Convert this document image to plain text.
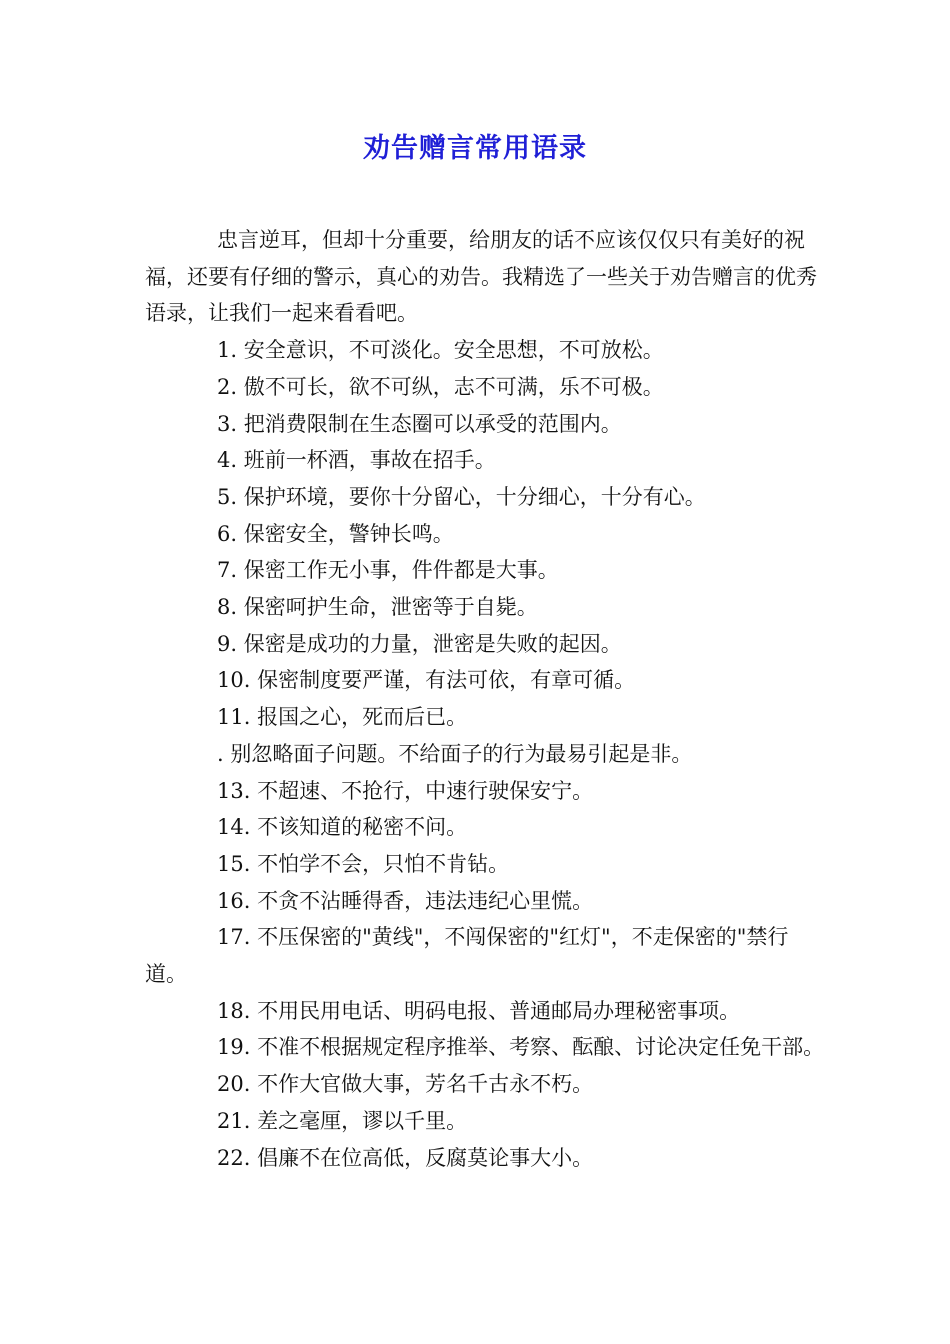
劝告赠言常用语录

忠言逆耳，但却十分重要，给朋友的话不应该仅仅只有美好的祝福，还要有仔细的警示，真心的劝告。我精选了一些关于劝告赠言的优秀语录，让我们一起来看看吧。

1. 安全意识，不可淡化。安全思想，不可放松。

2. 傲不可长，欲不可纵，志不可满，乐不可极。

3. 把消费限制在生态圈可以承受的范围内。

4. 班前一杯酒，事故在招手。

5. 保护环境，要你十分留心，十分细心，十分有心。

6. 保密安全，警钟长鸣。

7. 保密工作无小事，件件都是大事。

8. 保密呵护生命，泄密等于自毙。

9. 保密是成功的力量，泄密是失败的起因。

10. 保密制度要严谨，有法可依，有章可循。

11. 报国之心，死而后已。

. 别忽略面子问题。不给面子的行为最易引起是非。

13. 不超速、不抢行，中速行驶保安宁。

14. 不该知道的秘密不问。

15. 不怕学不会，只怕不肯钻。

16. 不贪不沾睡得香，违法违纪心里慌。

17. 不压保密的"黄线"，不闯保密的"红灯"，不走保密的"禁行道。

18. 不用民用电话、明码电报、普通邮局办理秘密事项。

19. 不准不根据规定程序推举、考察、酝酿、讨论决定任免干部。

20. 不作大官做大事，芳名千古永不朽。

21. 差之毫厘，谬以千里。

22. 倡廉不在位高低，反腐莫论事大小。
